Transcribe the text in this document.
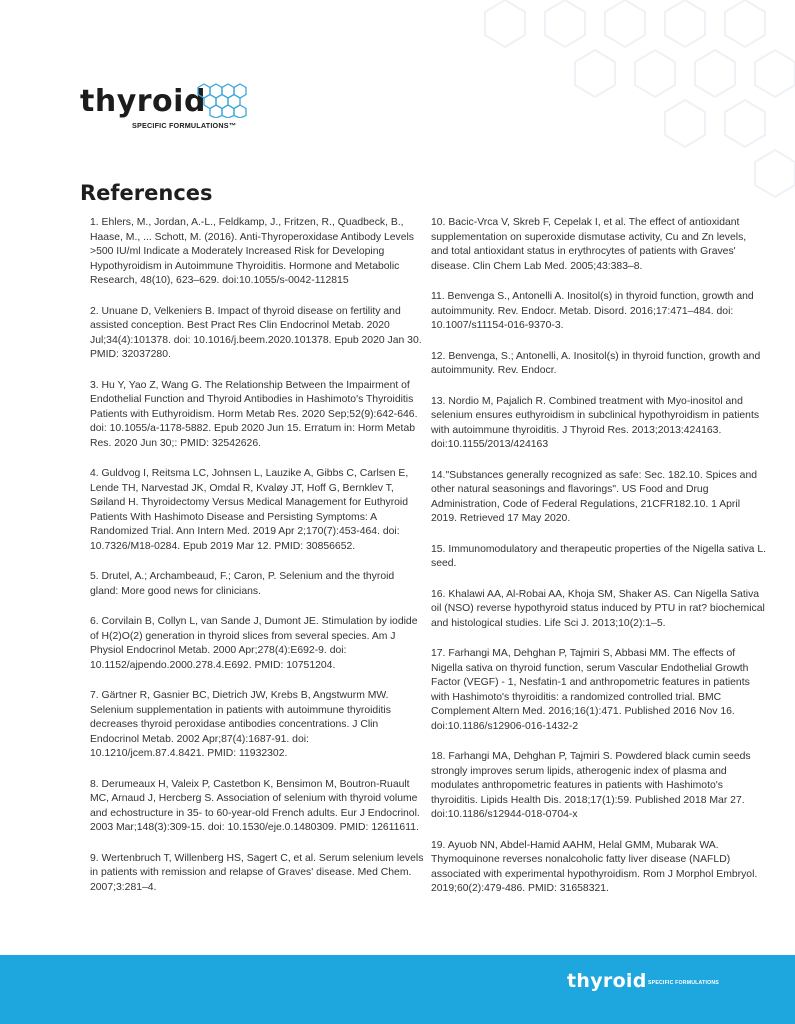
thyroid
SPECIFIC FORMULATIONS™
References

1. Ehlers, M., Jordan, A.-L., Feldkamp, J., Fritzen, R., Quadbeck, B., Haase, M., ... Schott, M. (2016). Anti-Thyroperoxidase Antibody Levels >500 IU/ml Indicate a Moderately Increased Risk for Developing Hypothyroidism in Autoimmune Thyroiditis. Hormone and Metabolic Research, 48(10), 623–629. doi:10.1055/s-0042-112815

2. Unuane D, Velkeniers B. Impact of thyroid disease on fertility and assisted conception. Best Pract Res Clin Endocrinol Metab. 2020 Jul;34(4):101378. doi: 10.1016/j.beem.2020.101378. Epub 2020 Jan 30. PMID: 32037280.

3. Hu Y, Yao Z, Wang G. The Relationship Between the Impairment of Endothelial Function and Thyroid Antibodies in Hashimoto's Thyroiditis Patients with Euthyroidism. Horm Metab Res. 2020 Sep;52(9):642-646. doi: 10.1055/a-1178-5882. Epub 2020 Jun 15. Erratum in: Horm Metab Res. 2020 Jun 30;: PMID: 32542626.

4. Guldvog I, Reitsma LC, Johnsen L, Lauzike A, Gibbs C, Carlsen E, Lende TH, Narvestad JK, Omdal R, Kvaløy JT, Hoff G, Bernklev T, Søiland H. Thyroidectomy Versus Medical Management for Euthyroid Patients With Hashimoto Disease and Persisting Symptoms: A Randomized Trial. Ann Intern Med. 2019 Apr 2;170(7):453-464. doi: 10.7326/M18-0284. Epub 2019 Mar 12. PMID: 30856652.

5. Drutel, A.; Archambeaud, F.; Caron, P. Selenium and the thyroid gland: More good news for clinicians.

6. Corvilain B, Collyn L, van Sande J, Dumont JE. Stimulation by iodide of H(2)O(2) generation in thyroid slices from several species. Am J Physiol Endocrinol Metab. 2000 Apr;278(4):E692-9. doi: 10.1152/ajpendo.2000.278.4.E692. PMID: 10751204.

7. Gärtner R, Gasnier BC, Dietrich JW, Krebs B, Angstwurm MW. Selenium supplementation in patients with autoimmune thyroiditis decreases thyroid peroxidase antibodies concentrations. J Clin Endocrinol Metab. 2002 Apr;87(4):1687-91. doi: 10.1210/jcem.87.4.8421. PMID: 11932302.

8. Derumeaux H, Valeix P, Castetbon K, Bensimon M, Boutron-Ruault MC, Arnaud J, Hercberg S. Association of selenium with thyroid volume and echostructure in 35- to 60-year-old French adults. Eur J Endocrinol. 2003 Mar;148(3):309-15. doi: 10.1530/eje.0.1480309. PMID: 12611611.

9. Wertenbruch T, Willenberg HS, Sagert C, et al. Serum selenium levels in patients with remission and relapse of Graves' disease. Med Chem. 2007;3:281–4.

10. Bacic-Vrca V, Skreb F, Cepelak I, et al. The effect of antioxidant supplementation on superoxide dismutase activity, Cu and Zn levels, and total antioxidant status in erythrocytes of patients with Graves' disease. Clin Chem Lab Med. 2005;43:383–8.

11. Benvenga S., Antonelli A. Inositol(s) in thyroid function, growth and autoimmunity. Rev. Endocr. Metab. Disord. 2016;17:471–484. doi: 10.1007/s11154-016-9370-3.

12. Benvenga, S.; Antonelli, A. Inositol(s) in thyroid function, growth and autoimmunity. Rev. Endocr.

13. Nordio M, Pajalich R. Combined treatment with Myo-inositol and selenium ensures euthyroidism in subclinical hypothyroidism in patients with autoimmune thyroiditis. J Thyroid Res. 2013;2013:424163. doi:10.1155/2013/424163

14."Substances generally recognized as safe: Sec. 182.10. Spices and other natural seasonings and flavorings". US Food and Drug Administration, Code of Federal Regulations, 21CFR182.10. 1 April 2019. Retrieved 17 May 2020.

15. Immunomodulatory and therapeutic properties of the Nigella sativa L. seed.

16. Khalawi AA, Al-Robai AA, Khoja SM, Shaker AS. Can Nigella Sativa oil (NSO) reverse hypothyroid status induced by PTU in rat? biochemical and histological studies. Life Sci J. 2013;10(2):1–5.

17. Farhangi MA, Dehghan P, Tajmiri S, Abbasi MM. The effects of Nigella sativa on thyroid function, serum Vascular Endothelial Growth Factor (VEGF) - 1, Nesfatin-1 and anthropometric features in patients with Hashimoto's thyroiditis: a randomized controlled trial. BMC Complement Altern Med. 2016;16(1):471. Published 2016 Nov 16. doi:10.1186/s12906-016-1432-2

18. Farhangi MA, Dehghan P, Tajmiri S. Powdered black cumin seeds strongly improves serum lipids, atherogenic index of plasma and modulates anthropometric features in patients with Hashimoto's thyroiditis. Lipids Health Dis. 2018;17(1):59. Published 2018 Mar 27. doi:10.1186/s12944-018-0704-x

19. Ayuob NN, Abdel-Hamid AAHM, Helal GMM, Mubarak WA. Thymoquinone reverses nonalcoholic fatty liver disease (NAFLD) associated with experimental hypothyroidism. Rom J Morphol Embryol. 2019;60(2):479-486. PMID: 31658321.

thyroid SPECIFIC FORMULATIONS
